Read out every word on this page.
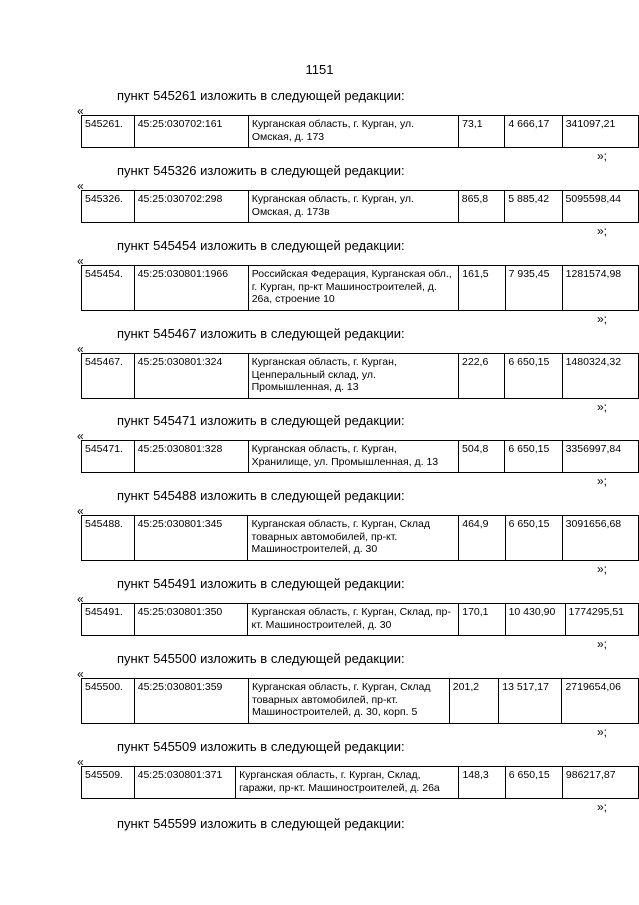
1151
пункт 545261 изложить в следующей редакции:
«
545261.	45:25:030702:161	Курганская область, г. Курган, ул. Омская, д. 173	73,1	4 666,17	341097,21
»;
пункт 545326 изложить в следующей редакции:
«
545326.	45:25:030702:298	Курганская область, г. Курган, ул. Омская, д. 173в	865,8	5 885,42	5095598,44
»;
пункт 545454 изложить в следующей редакции:
«
545454.	45:25:030801:1966	Российская Федерация, Курганская обл., г. Курган, пр-кт Машиностроителей, д. 26а, строение 10	161,5	7 935,45	1281574,98
»;
пункт 545467 изложить в следующей редакции:
«
545467.	45:25:030801:324	Курганская область, г. Курган, Ценперальный склад, ул. Промышленная, д. 13	222,6	6 650,15	1480324,32
»;
пункт 545471 изложить в следующей редакции:
«
545471.	45:25:030801:328	Курганская область, г. Курган, Хранилище, ул. Промышленная, д. 13	504,8	6 650,15	3356997,84
»;
пункт 545488 изложить в следующей редакции:
«
545488.	45:25:030801:345	Курганская область, г. Курган, Склад товарных автомобилей, пр-кт. Машиностроителей, д. 30	464,9	6 650,15	3091656,68
»;
пункт 545491 изложить в следующей редакции:
«
545491.	45:25:030801:350	Курганская область, г. Курган, Склад, пр-кт. Машиностроителей, д. 30	170,1	10 430,90	1774295,51
»;
пункт 545500 изложить в следующей редакции:
«
545500.	45:25:030801:359	Курганская область, г. Курган, Склад товарных автомобилей, пр-кт. Машиностроителей, д. 30, корп. 5	201,2	13 517,17	2719654,06
»;
пункт 545509 изложить в следующей редакции:
«
545509.	45:25:030801:371	Курганская область, г. Курган, Склад, гаражи, пр-кт. Машиностроителей, д. 26а	148,3	6 650,15	986217,87
»;
пункт 545599 изложить в следующей редакции:
